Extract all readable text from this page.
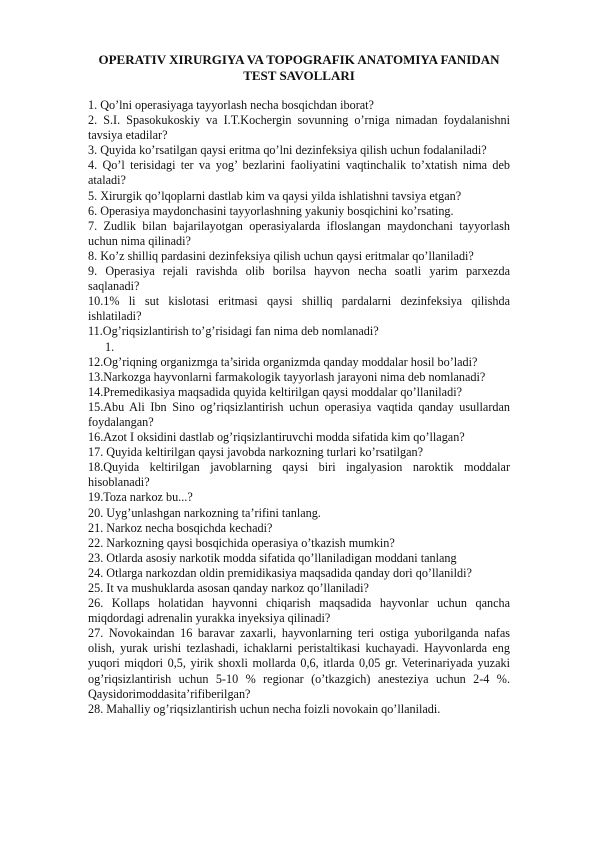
OPERATIV XIRURGIYA VA TOPOGRAFIK ANATOMIYA FANIDAN
TEST SAVOLLARI

1. Qo’lni operasiyaga tayyorlash necha bosqichdan iborat?

2. S.I. Spasokukoskiy va I.T.Kochergin sovunning o’rniga nimadan foydalanishni tavsiya etadilar?

3. Quyida ko’rsatilgan qaysi eritma qo’lni dezinfeksiya qilish uchun fodalaniladi?

4. Qo’l terisidagi ter va yog’ bezlarini faoliyatini vaqtinchalik to’xtatish nima deb ataladi?

5. Xirurgik qo’lqoplarni dastlab kim va qaysi yilda ishlatishni tavsiya etgan?

6. Operasiya maydonchasini tayyorlashning yakuniy bosqichini ko’rsating.

7. Zudlik bilan bajarilayotgan operasiyalarda ifloslangan maydonchani tayyorlash uchun nima qilinadi?

8. Ko’z shilliq pardasini dezinfeksiya qilish uchun qaysi eritmalar qo’llaniladi?

9. Operasiya rejali ravishda olib borilsa hayvon necha soatli yarim parxezda saqlanadi?

10.1% li sut kislotasi eritmasi qaysi shilliq pardalarni dezinfeksiya qilishda ishlatiladi?

11.Og’riqsizlantirish to’g’risidagi fan nima deb nomlanadi?

1.

12.Og’riqning organizmga ta’sirida organizmda qanday moddalar hosil bo’ladi?

13.Narkozga hayvonlarni farmakologik tayyorlash jarayoni nima deb nomlanadi?

14.Premedikasiya maqsadida quyida keltirilgan qaysi moddalar qo’llaniladi?

15.Abu Ali Ibn Sino og’riqsizlantirish uchun operasiya vaqtida qanday usullardan foydalangan?

16.Azot I oksidini dastlab og’riqsizlantiruvchi modda sifatida kim qo’llagan?

17. Quyida keltirilgan qaysi javobda narkozning turlari ko’rsatilgan?

18.Quyida keltirilgan javoblarning qaysi biri ingalyasion naroktik moddalar hisoblanadi?

19.Toza narkoz bu...?

20. Uyg’unlashgan narkozning ta’rifini tanlang.

21. Narkoz necha bosqichda kechadi?

22. Narkozning qaysi bosqichida operasiya o’tkazish mumkin?

23. Otlarda asosiy narkotik modda sifatida qo’llaniladigan moddani tanlang

24. Otlarga narkozdan oldin premidikasiya maqsadida qanday dori qo’llanildi?

25. It va mushuklarda asosan qanday narkoz qo’llaniladi?

26. Kollaps holatidan hayvonni chiqarish maqsadida hayvonlar uchun qancha miqdordagi adrenalin yurakka inyeksiya qilinadi?

27. Novokaindan 16 baravar zaxarli, hayvonlarning teri ostiga yuborilganda nafas olish, yurak urishi tezlashadi, ichaklarni peristaltikasi kuchayadi. Hayvonlarda eng yuqori miqdori 0,5, yirik shoxli mollarda 0,6, itlarda 0,05 gr. Veterinariyada yuzaki og’riqsizlantirish uchun 5-10 % regionar (o’tkazgich) anesteziya uchun 2-4 %. Qaysidorimoddasita’rifiberilgan?

28. Mahalliy og’riqsizlantirish uchun necha foizli novokain qo’llaniladi.
